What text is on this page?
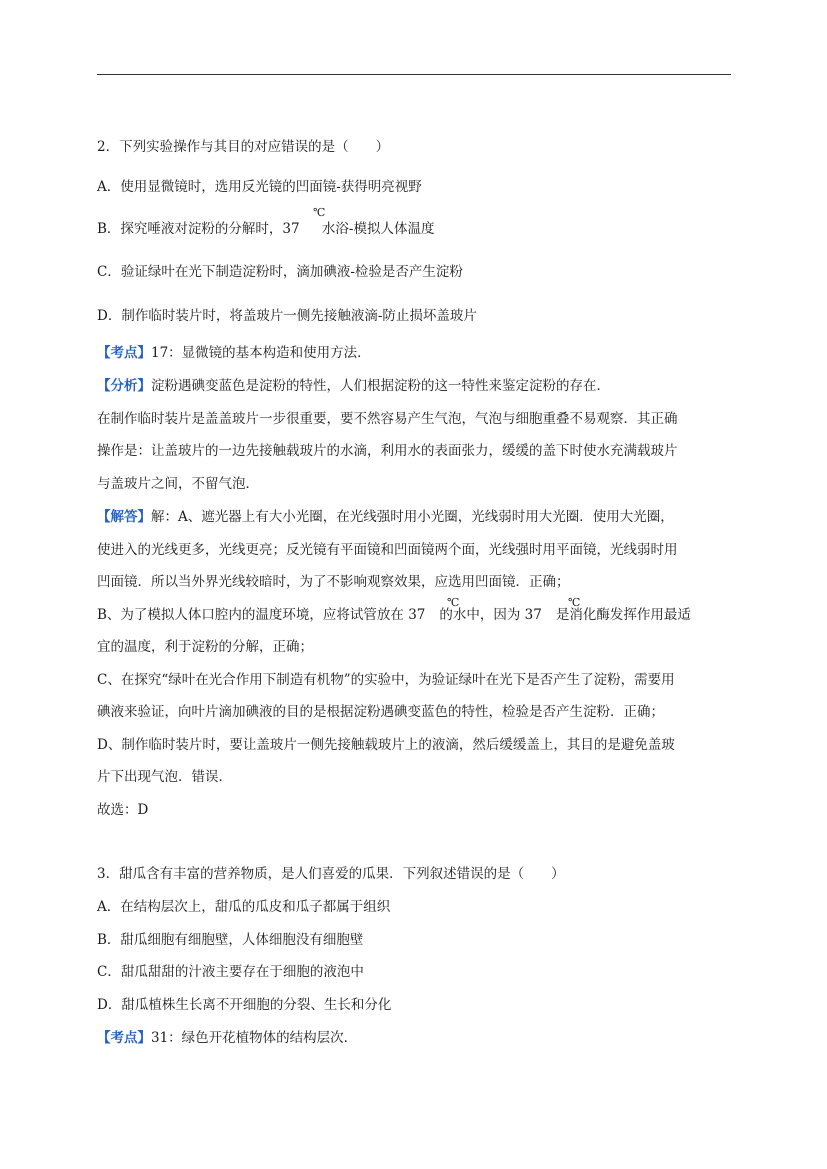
2．下列实验操作与其目的对应错误的是（　　）
A．使用显微镜时，选用反光镜的凹面镜-获得明亮视野
B．探究唾液对淀粉的分解时，37
℃
水浴-模拟人体温度
C．验证绿叶在光下制造淀粉时，滴加碘液-检验是否产生淀粉
D．制作临时装片时，将盖玻片一侧先接触液滴-防止损坏盖玻片
【考点】17：显微镜的基本构造和使用方法．
【分析】淀粉遇碘变蓝色是淀粉的特性，人们根据淀粉的这一特性来鉴定淀粉的存在．
在制作临时装片是盖盖玻片一步很重要，要不然容易产生气泡，气泡与细胞重叠不易观察．其正确
操作是：让盖玻片的一边先接触载玻片的水滴，利用水的表面张力，缓缓的盖下时使水充满载玻片
与盖玻片之间，不留气泡．
【解答】解：A、遮光器上有大小光圈，在光线强时用小光圈，光线弱时用大光圈．使用大光圈，
使进入的光线更多，光线更亮；反光镜有平面镜和凹面镜两个面，光线强时用平面镜，光线弱时用
凹面镜．所以当外界光线较暗时，为了不影响观察效果，应选用凹面镜．正确；
B、为了模拟人体口腔内的温度环境，应将试管放在 37
℃
的水中，因为 37
℃
是消化酶发挥作用最适
宜的温度，利于淀粉的分解，正确；
C、在探究“绿叶在光合作用下制造有机物”的实验中，为验证绿叶在光下是否产生了淀粉，需要用
碘液来验证，向叶片滴加碘液的目的是根据淀粉遇碘变蓝色的特性，检验是否产生淀粉．正确；
D、制作临时装片时，要让盖玻片一侧先接触载玻片上的液滴，然后缓缓盖上，其目的是避免盖玻
片下出现气泡．错误．
故选：D
3．甜瓜含有丰富的营养物质，是人们喜爱的瓜果．下列叙述错误的是（　　）
A．在结构层次上，甜瓜的瓜皮和瓜子都属于组织
B．甜瓜细胞有细胞壁，人体细胞没有细胞壁
C．甜瓜甜甜的汁液主要存在于细胞的液泡中
D．甜瓜植株生长离不开细胞的分裂、生长和分化
【考点】31：绿色开花植物体的结构层次．
